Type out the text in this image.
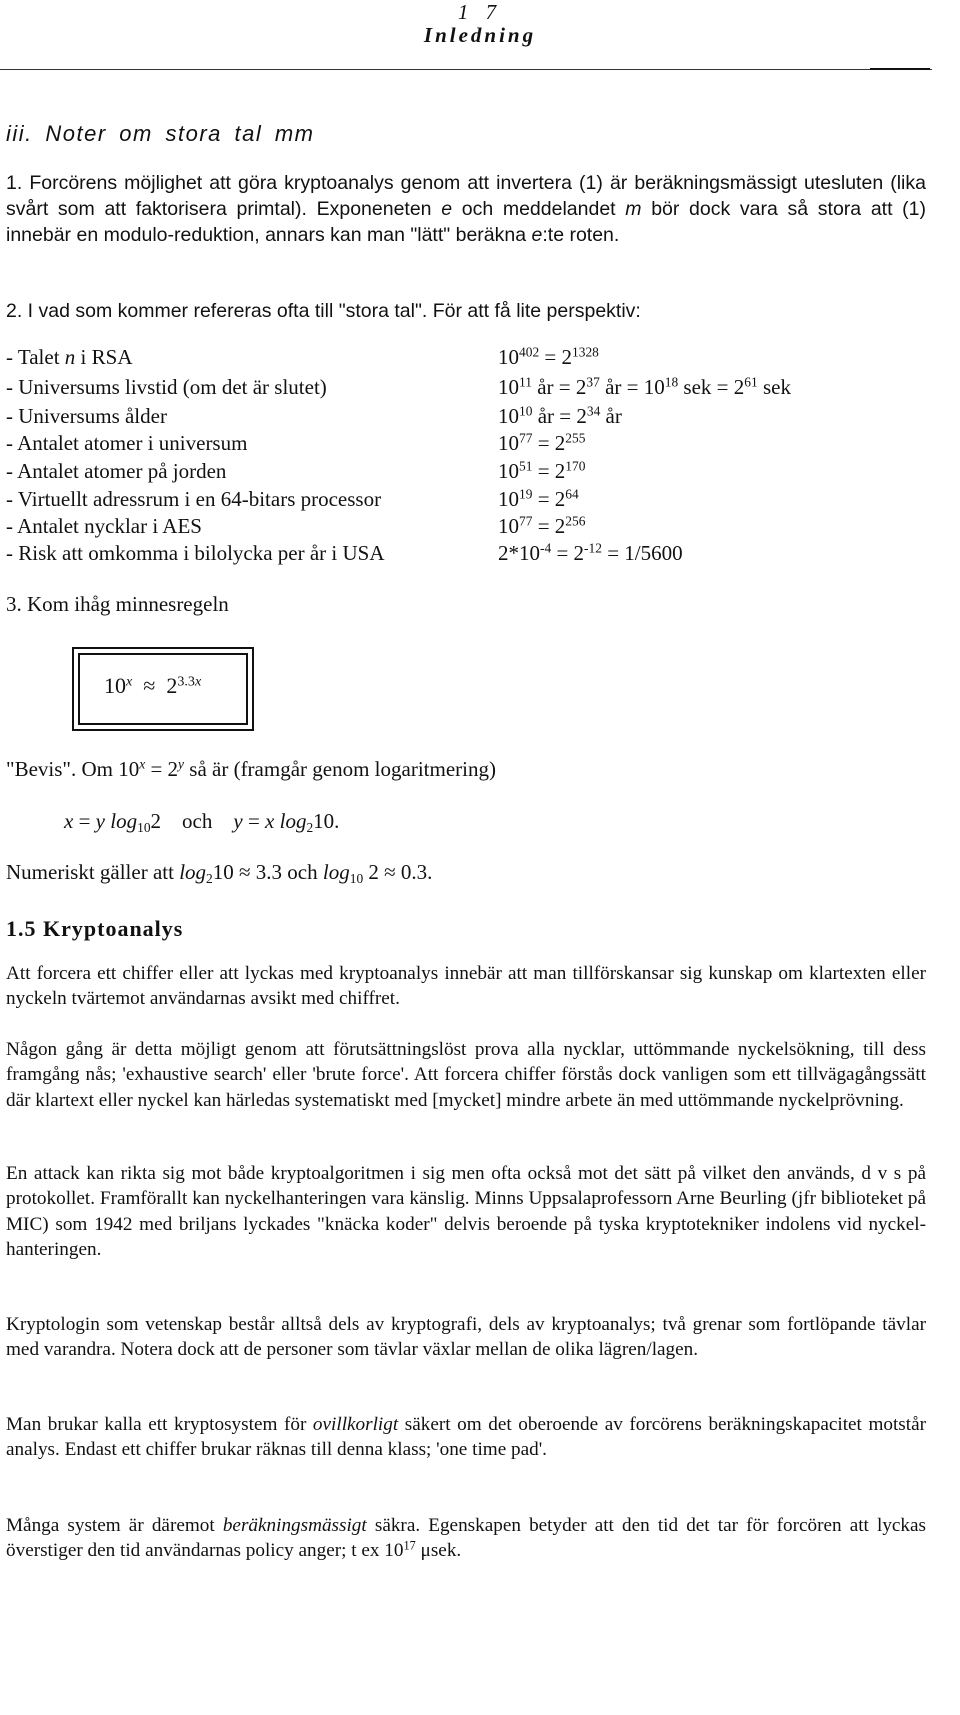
1 7
Inledning
iii. Noter om stora tal mm

1. Forcörens möjlighet att göra kryptoanalys genom att invertera (1) är beräkningsmässigt utesluten (lika svårt som att faktorisera primtal). Exponeneten e och meddelandet m bör dock vara så stora att (1) innebär en modulo-reduktion, annars kan man "lätt" beräkna e:te roten.

2. I vad som kommer refereras ofta till "stora tal". För att få lite perspektiv:

- Talet n i RSA	$10^{402} = 2^{1328}$
- Universums livstid (om det är slutet)	$10^{11}$ år = $2^{37}$ år = $10^{18}$ sek = $2^{61}$ sek
- Universums ålder	$10^{10}$ år = $2^{34}$ år
- Antalet atomer i universum	$10^{77} = 2^{255}$
- Antalet atomer på jorden	$10^{51} = 2^{170}$
- Virtuellt adressrum i en 64-bitars processor	$10^{19} = 2^{64}$
- Antalet nycklar i AES	$10^{77} = 2^{256}$
- Risk att omkomma i bilolycka per år i USA	$2*10^{-4} = 2^{-12} = 1/5600$
3. Kom ihåg minnesregeln
$10^x \approx 2^{3.3x}$
"Bevis". Om $10^x = 2^y$ så är (framgår genom logaritmering)
x = y $\log_{10}2$    och    y = x $\log_210$.
Numeriskt gäller att $\log_210 \approx 3.3$ och $\log_{10} 2 \approx 0.3$.
1.5 Kryptoanalys

Att forcera ett chiffer eller att lyckas med kryptoanalys innebär att man tillförskansar sig kunskap om klartexten eller nyckeln tvärtemot användarnas avsikt med chiffret.

Någon gång är detta möjligt genom att förutsättningslöst prova alla nycklar, uttömmande nyckelsökning, till dess framgång nås; 'exhaustive search' eller 'brute force'. Att forcera chiffer förstås dock vanligen som ett tillvägagångssätt där klartext eller nyckel kan härledas systematiskt med [mycket] mindre arbete än med uttömmande nyckelprövning.

En attack kan rikta sig mot både kryptoalgoritmen i sig men ofta också mot det sätt på vilket den används, d v s på protokollet. Framförallt kan nyckelhanteringen vara känslig. Minns Uppsalaprofessorn Arne Beurling (jfr biblioteket på MIC) som 1942 med briljans lyckades "knäcka koder" delvis beroende på tyska kryptotekniker indolens vid nyckel-hanteringen.

Kryptologin som vetenskap består alltså dels av kryptografi, dels av kryptoanalys; två grenar som fortlöpande tävlar med varandra. Notera dock att de personer som tävlar växlar mellan de olika lägren/lagen.

Man brukar kalla ett kryptosystem för ovillkorligt säkert om det oberoende av forcörens beräkningskapacitet motstår analys. Endast ett chiffer brukar räknas till denna klass; 'one time pad'.

Många system är däremot beräkningsmässigt säkra. Egenskapen betyder att den tid det tar för forcören att lyckas överstiger den tid användarnas policy anger; t ex $10^{17}$ μsek.
